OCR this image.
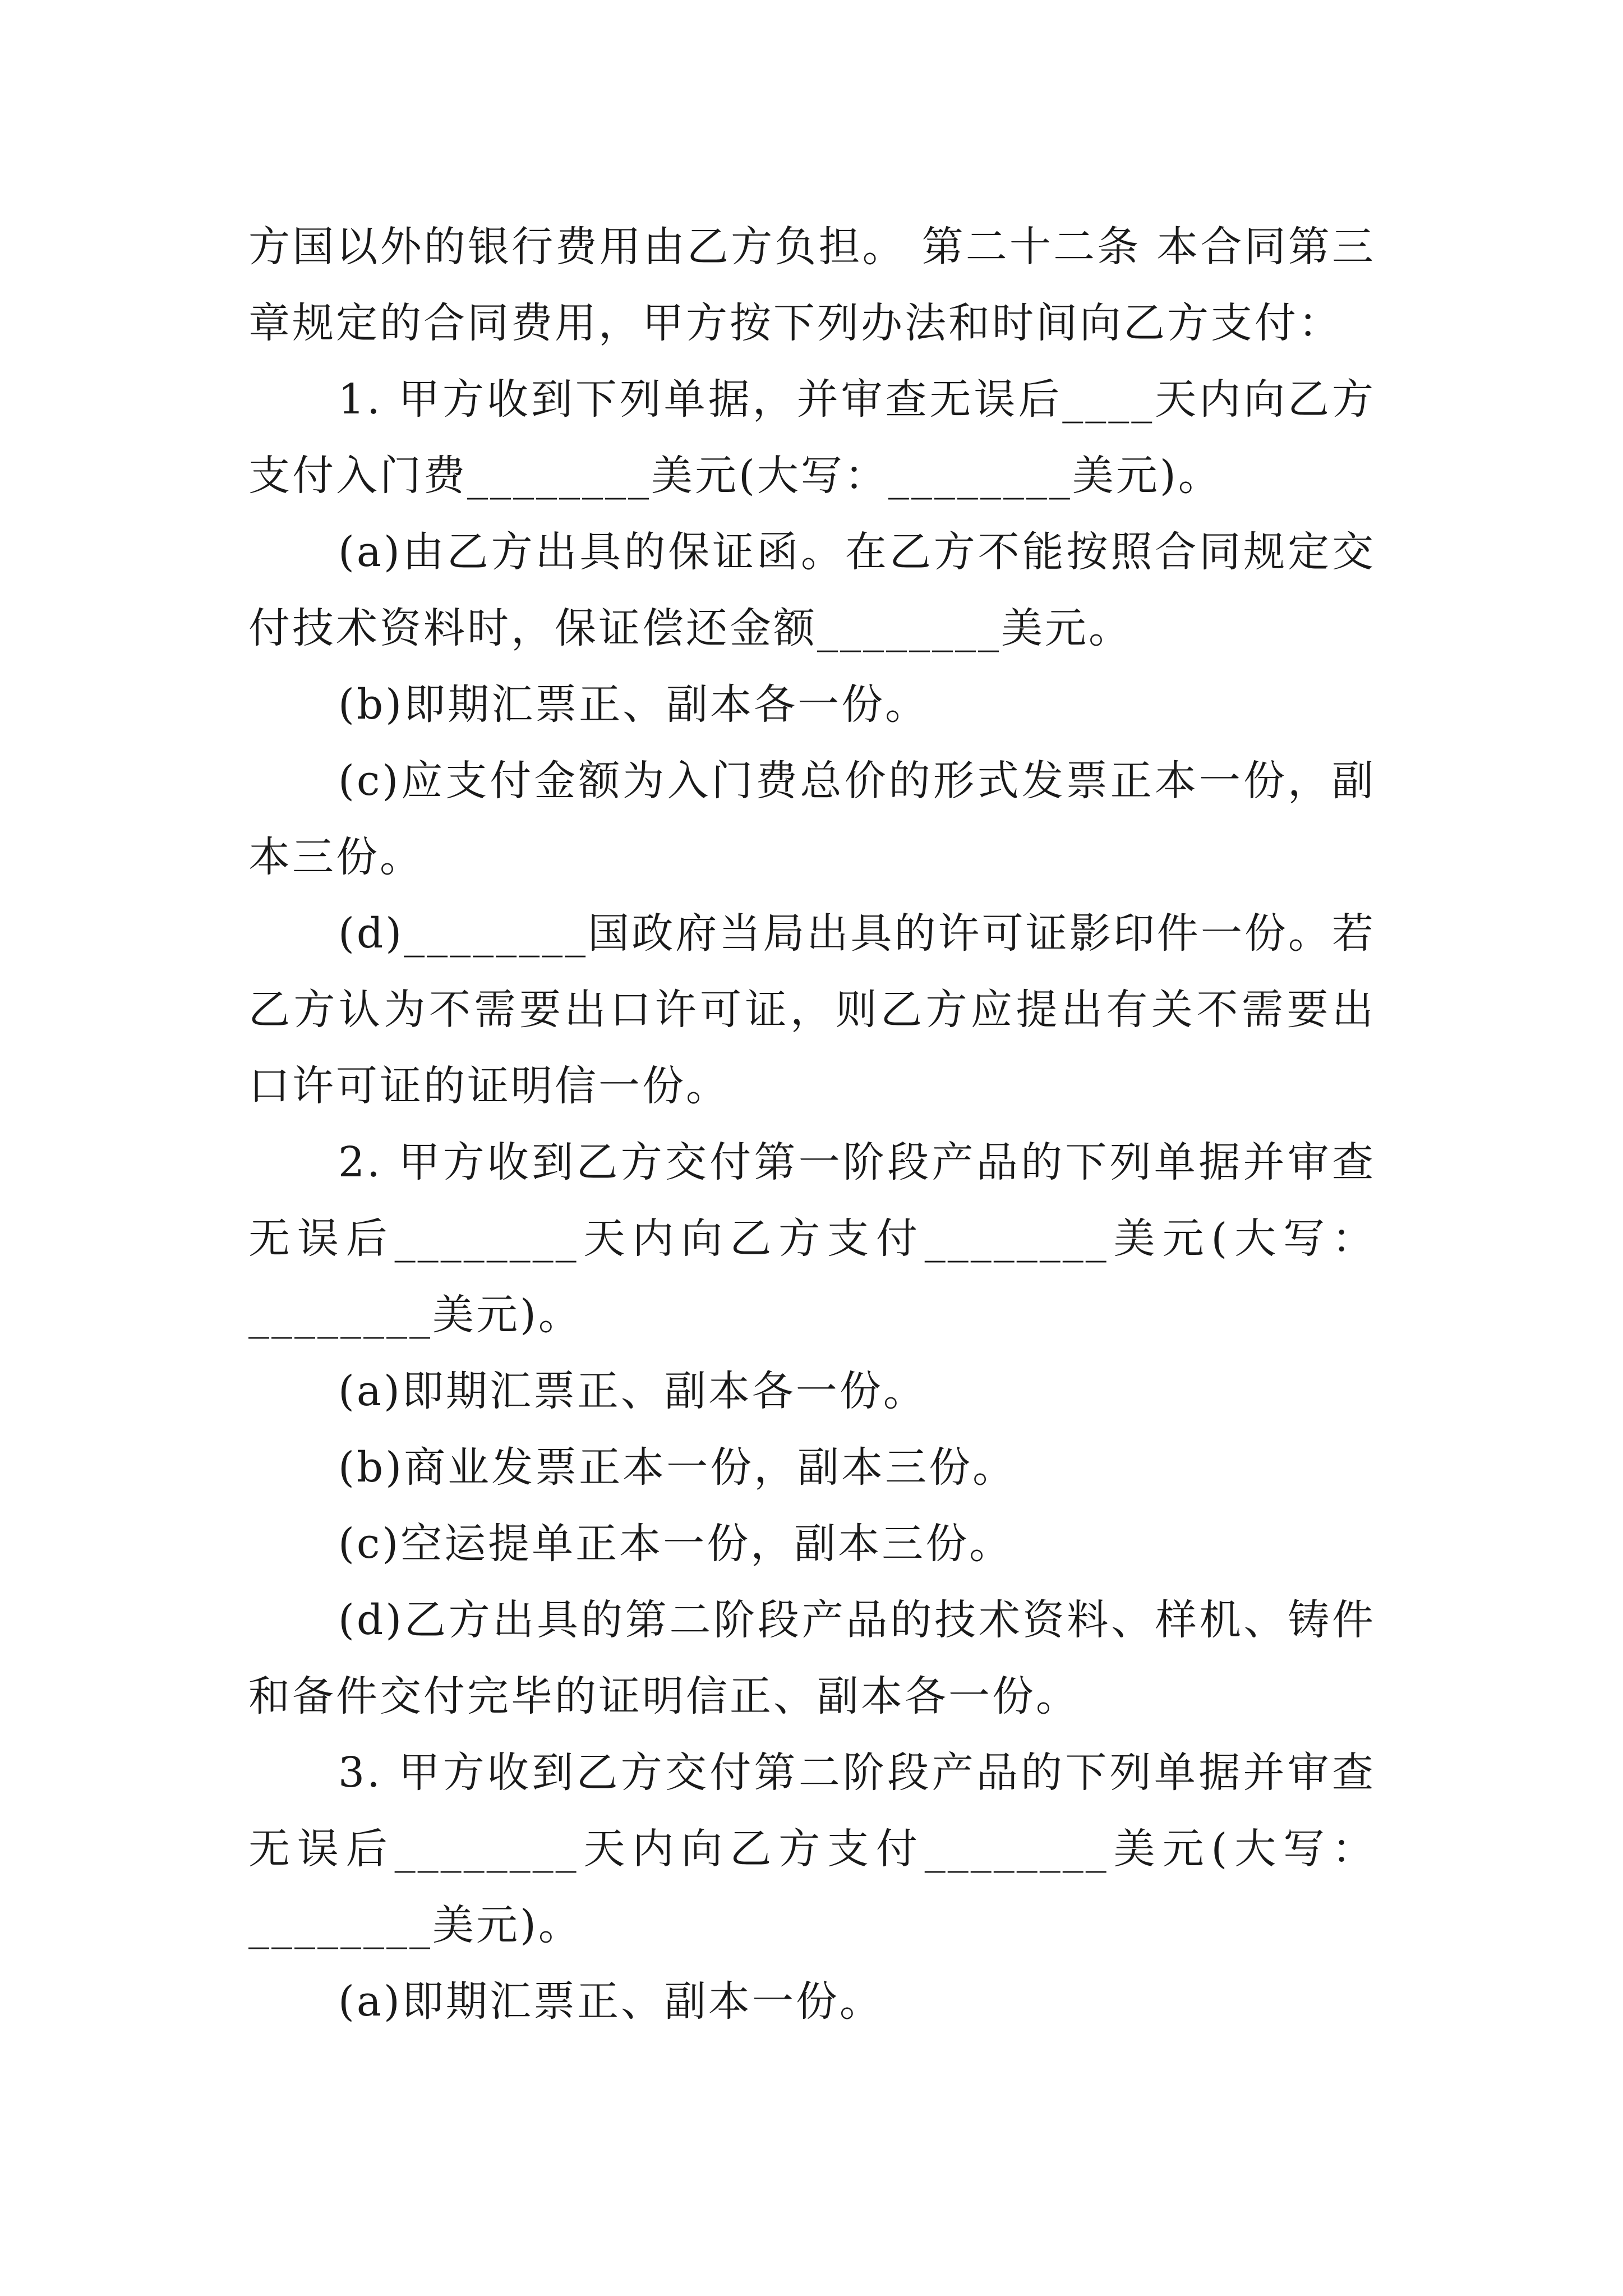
方国以外的银行费用由乙方负担。 第二十二条 本合同第三章规定的合同费用，甲方按下列办法和时间向乙方支付：

1. 甲方收到下列单据，并审查无误后____天内向乙方支付入门费________美元(大写：________美元)。

(a)由乙方出具的保证函。在乙方不能按照合同规定交付技术资料时，保证偿还金额________美元。

(b)即期汇票正、副本各一份。

(c)应支付金额为入门费总价的形式发票正本一份，副本三份。

(d)________国政府当局出具的许可证影印件一份。若乙方认为不需要出口许可证，则乙方应提出有关不需要出口许可证的证明信一份。

2. 甲方收到乙方交付第一阶段产品的下列单据并审查无误后________天内向乙方支付________美元(大写：________美元)。

(a)即期汇票正、副本各一份。

(b)商业发票正本一份，副本三份。

(c)空运提单正本一份，副本三份。

(d)乙方出具的第二阶段产品的技术资料、样机、铸件和备件交付完毕的证明信正、副本各一份。

3. 甲方收到乙方交付第二阶段产品的下列单据并审查无误后________天内向乙方支付________美元(大写：________美元)。

(a)即期汇票正、副本一份。
